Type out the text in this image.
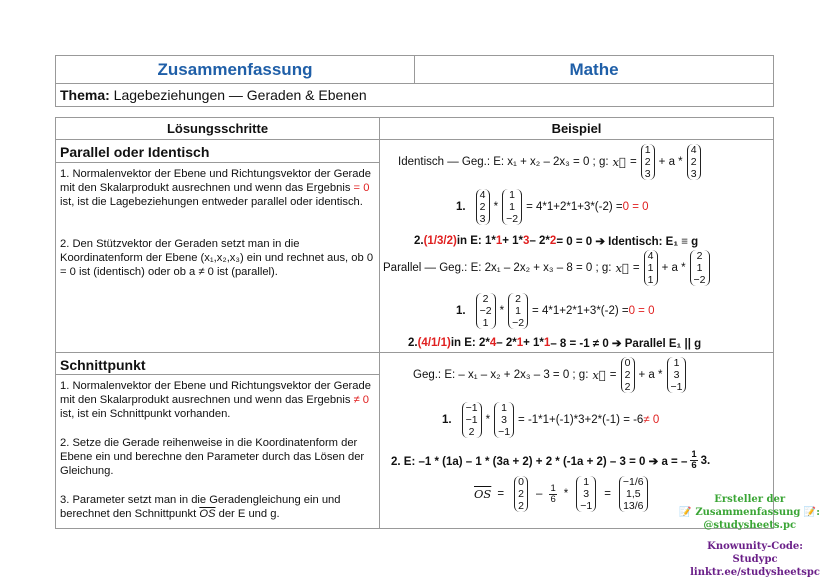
Zusammenfassung	Mathe
Thema: Lagebeziehungen — Geraden & Ebenen
Lösungsschritte	Beispiel
Parallel oder Identisch
1. Normalenvektor der Ebene und Richtungsvektor der Gerade mit den Skalarprodukt ausrechnen und wenn das Ergebnis = 0 ist, ist die Lagebeziehungen entweder parallel oder identisch.
2. Den Stützvektor der Geraden setzt man in die Koordinatenform der Ebene (x₁,x₂,x₃) ein und rechnet aus, ob 0 = 0 ist (identisch) oder ob a ≠ 0 ist (parallel).
Identisch — Geg.: E: x₁ + x₂ – 2x₃ = 0 ; g: x⃗ =
1
2
3
+ a *
4
2
3
1.
4
2
3
*
1
1
−2
= 4*1+2*1+3*(-2) = 0 = 0
2. (1/3/2) in E: 1* 1 + 1* 3 – 2* 2 = 0 = 0 ➔ Identisch: E₁ ≡ g
Parallel — Geg.: E: 2x₁ – 2x₂ + x₃ – 8 = 0 ; g: x⃗ =
4
1
1
+ a *
2
1
−2
1.
2
−2
1
*
2
1
−2
= 4*1+2*1+3*(-2) = 0 = 0
2. (4/1/1) in E: 2* 4 – 2* 1 + 1* 1 – 8 = -1 ≠ 0 ➔ Parallel E₁ || g
Schnittpunkt
1. Normalenvektor der Ebene und Richtungsvektor der Gerade mit den Skalarprodukt ausrechnen und wenn das Ergebnis ≠ 0 ist, ist ein Schnittpunkt vorhanden.
2. Setze die Gerade reihenweise in die Koordinatenform der Ebene ein und berechne den Parameter durch das Lösen der Gleichung.
3. Parameter setzt man in die Geradengleichung ein und berechnet den Schnittpunkt $\overline{OS}$ der E und g.
Geg.: E: – x₁ – x₂ + 2x₃ – 3 = 0 ; g: x⃗ =
0
2
2
+ a *
1
3
−1
1.
−1
−1
2
*
1
3
−1
= -1*1+(-1)*3+2*(-1) = -6 ≠ 0
2. E: –1 * (1a) – 1 * (3a + 2) + 2 * (-1a + 2) – 3 = 0 ➔ a = – $\frac{1}{6} 3$.
$\overline{OS}$ =
0
2
2
– $\frac{1}{6}$ *
1
3
−1
=
−1/6
1,5
13/6
Ersteller der
📝 Zusammenfassung 📝:
@studysheets.pc
Knowunity-Code:
Studypc
linktr.ee/studysheetspc
